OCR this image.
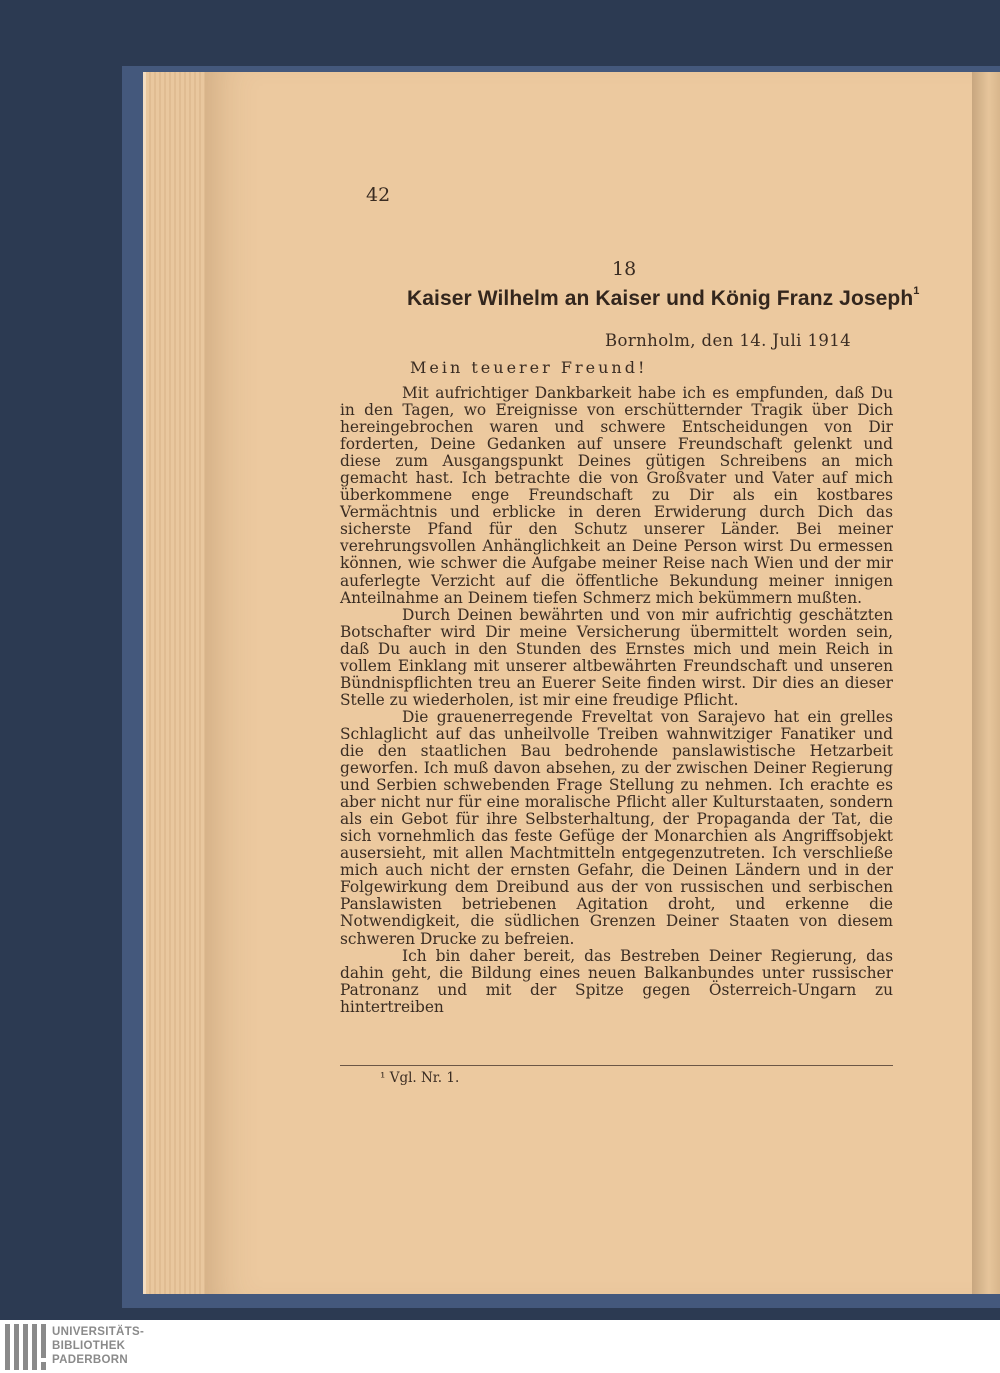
42
18
Kaiser Wilhelm an Kaiser und König Franz Joseph$^1$
Bornholm, den 14. Juli 1914
Mein teuerer Freund!

Mit aufrichtiger Dankbarkeit habe ich es empfunden, daß Du in den Tagen, wo Ereignisse von erschütternder Tragik über Dich hereingebrochen waren und schwere Entscheidungen von Dir forderten, Deine Gedanken auf unsere Freundschaft gelenkt und diese zum Ausgangspunkt Deines gütigen Schreibens an mich gemacht hast. Ich betrachte die von Großvater und Vater auf mich überkommene enge Freundschaft zu Dir als ein kostbares Vermächtnis und erblicke in deren Erwiderung durch Dich das sicherste Pfand für den Schutz unserer Länder. Bei meiner verehrungsvollen Anhänglichkeit an Deine Person wirst Du ermessen können, wie schwer die Aufgabe meiner Reise nach Wien und der mir auferlegte Verzicht auf die öffentliche Bekundung meiner innigen Anteilnahme an Deinem tiefen Schmerz mich bekümmern mußten.

Durch Deinen bewährten und von mir aufrichtig geschätzten Botschafter wird Dir meine Versicherung übermittelt worden sein, daß Du auch in den Stunden des Ernstes mich und mein Reich in vollem Einklang mit unserer altbewährten Freundschaft und unseren Bündnispflichten treu an Euerer Seite finden wirst. Dir dies an dieser Stelle zu wiederholen, ist mir eine freudige Pflicht.

Die grauenerregende Freveltat von Sarajevo hat ein grelles Schlaglicht auf das unheilvolle Treiben wahnwitziger Fanatiker und die den staatlichen Bau bedrohende panslawistische Hetzarbeit geworfen. Ich muß davon absehen, zu der zwischen Deiner Regierung und Serbien schwebenden Frage Stellung zu nehmen. Ich erachte es aber nicht nur für eine moralische Pflicht aller Kulturstaaten, sondern als ein Gebot für ihre Selbsterhaltung, der Propaganda der Tat, die sich vornehmlich das feste Gefüge der Monarchien als Angriffsobjekt ausersieht, mit allen Machtmitteln entgegenzutreten. Ich verschließe mich auch nicht der ernsten Gefahr, die Deinen Ländern und in der Folgewirkung dem Dreibund aus der von russischen und serbischen Panslawisten betriebenen Agitation droht, und erkenne die Notwendigkeit, die südlichen Grenzen Deiner Staaten von diesem schweren Drucke zu befreien.

Ich bin daher bereit, das Bestreben Deiner Regierung, das dahin geht, die Bildung eines neuen Balkanbundes unter russischer Patronanz und mit der Spitze gegen Österreich-Ungarn zu hintertreiben

¹ Vgl. Nr. 1.
UNIVERSITÄTS-
BIBLIOTHEK
PADERBORN
